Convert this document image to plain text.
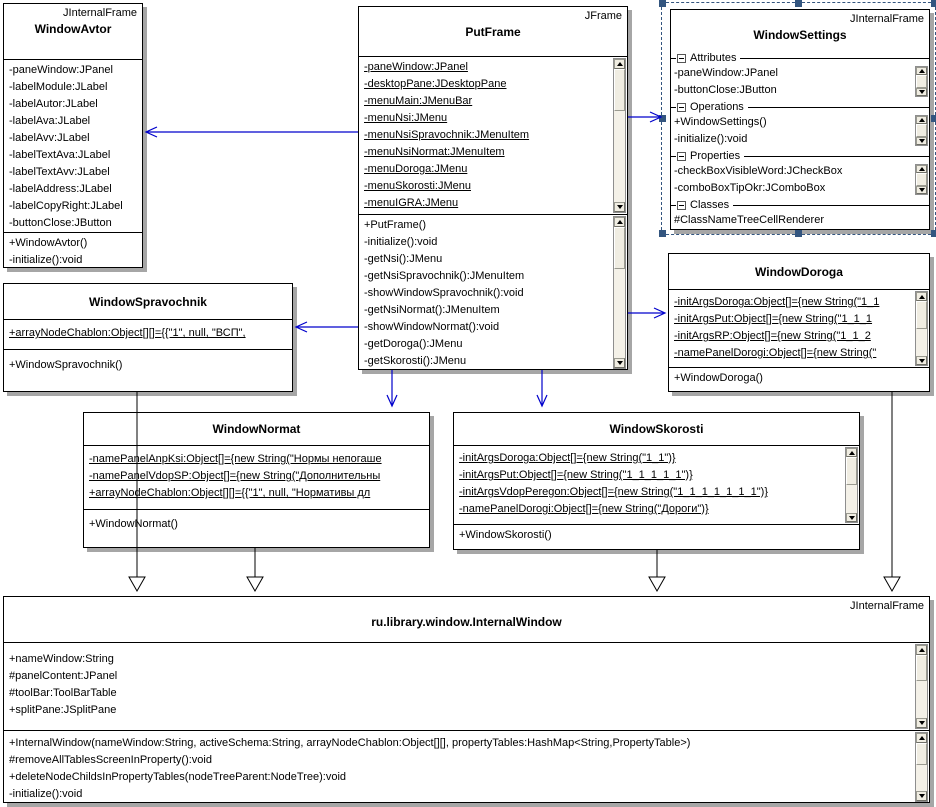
JInternalFrame
WindowAvtor
-paneWindow:JPanel
-labelModule:JLabel
-labelAutor:JLabel
-labelAva:JLabel
-labelAvv:JLabel
-labelTextAva:JLabel
-labelTextAvv:JLabel
-labelAddress:JLabel
-labelCopyRight:JLabel
-buttonClose:JButton
+WindowAvtor()
-initialize():void
JFrame
PutFrame
-paneWindow:JPanel
-desktopPane:JDesktopPane
-menuMain:JMenuBar
-menuNsi:JMenu
-menuNsiSpravochnik:JMenuItem
-menuNsiNormat:JMenuItem
-menuDoroga:JMenu
-menuSkorosti:JMenu
-menuIGRA:JMenu
+PutFrame()
-initialize():void
-getNsi():JMenu
-getNsiSpravochnik():JMenuItem
-showWindowSpravochnik():void
-getNsiNormat():JMenuItem
-showWindowNormat():void
-getDoroga():JMenu
-getSkorosti():JMenu
JInternalFrame
WindowSettings
Attributes
-paneWindow:JPanel
-buttonClose:JButton
Operations
+WindowSettings()
-initialize():void
Properties
-checkBoxVisibleWord:JCheckBox
-comboBoxTipOkr:JComboBox
Classes
#ClassNameTreeCellRenderer
WindowSpravochnik
+arrayNodeChablon:Object[][]={{"1", null, "ВСП",
+WindowSpravochnik()
WindowDoroga
-initArgsDoroga:Object[]={new String("1_1
-initArgsPut:Object[]={new String("1_1_1
-initArgsRP:Object[]={new String("1_1_2
-namePanelDorogi:Object[]={new String("
+WindowDoroga()
WindowNormat
-namePanelAnpKsi:Object[]={new String("Нормы непогаше
-namePanelVdopSP:Object[]={new String("Дополнительны
+arrayNodeChablon:Object[][]={{"1", null, "Нормативы дл
+WindowNormat()
WindowSkorosti
-initArgsDoroga:Object[]={new String("1_1")}
-initArgsPut:Object[]={new String("1_1_1_1_1")}
-initArgsVdopPeregon:Object[]={new String("1_1_1_1_1_1_1")}
-namePanelDorogi:Object[]={new String("Дороги")}
+WindowSkorosti()
JInternalFrame
ru.library.window.InternalWindow
+nameWindow:String
#panelContent:JPanel
#toolBar:ToolBarTable
+splitPane:JSplitPane
+InternalWindow(nameWindow:String, activeSchema:String, arrayNodeChablon:Object[][], propertyTables:HashMap<String,PropertyTable>)
#removeAllTablesScreenInProperty():void
+deleteNodeChildsInPropertyTables(nodeTreeParent:NodeTree):void
-initialize():void
